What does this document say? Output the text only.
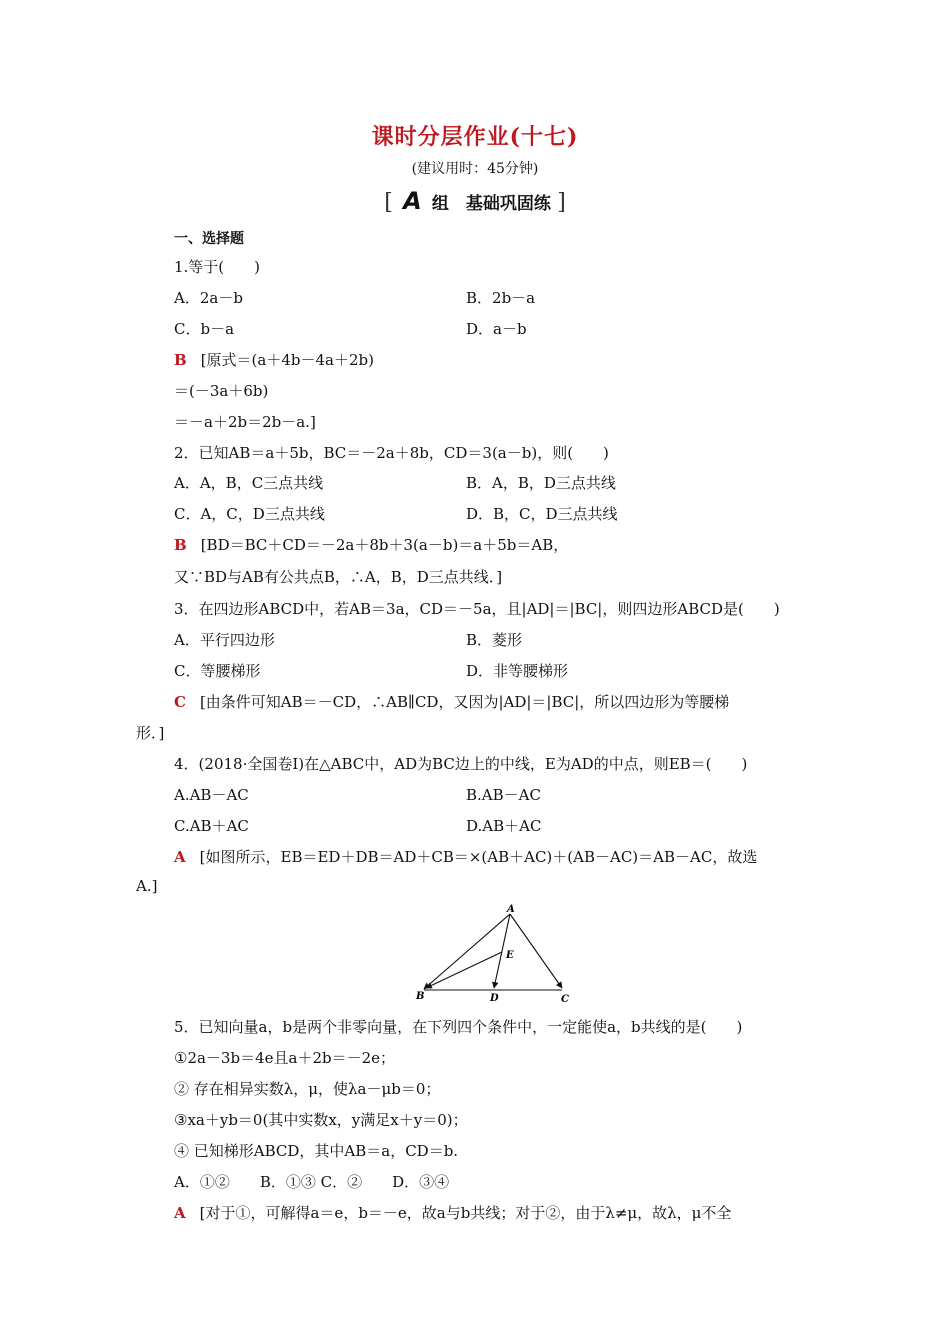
课时分层作业(十七)
(建议用时：45分钟)
[ A 组　基础巩固练 ]
一、选择题
1.等于(　　)
A．2a－b	B．2b－a
C．b－a	D．a－b
B [原式＝(a＋4b－4a＋2b)
＝(－3a＋6b)
＝－a＋2b＝2b－a.]
2．已知AB＝a＋5b，BC＝－2a＋8b，CD＝3(a－b)，则(　　)
A．A，B，C三点共线	B．A，B，D三点共线
C．A，C，D三点共线	D．B，C，D三点共线
B [BD＝BC＋CD＝－2a＋8b＋3(a－b)＝a＋5b＝AB，
又∵BD与AB有公共点B，∴A，B，D三点共线．]
3．在四边形ABCD中，若AB＝3a，CD＝－5a，且|AD|＝|BC|，则四边形ABCD是(　　)
A．平行四边形	B．菱形
C．等腰梯形	D．非等腰梯形
C [由条件可知AB＝－CD，∴AB∥CD，又因为|AD|＝|BC|，所以四边形为等腰梯
形．]
4．(2018·全国卷Ⅰ)在△ABC中，AD为BC边上的中线，E为AD的中点，则EB＝(　　)
A.AB－AC	B.AB－AC
C.AB＋AC	D.AB＋AC
A [如图所示，EB＝ED＋DB＝AD＋CB＝×(AB＋AC)＋(AB－AC)＝AB－AC，故选
A.]
A
B	C
D
E
5．已知向量a，b是两个非零向量，在下列四个条件中，一定能使a，b共线的是(　　)
①2a－3b＝4e且a＋2b＝－2e；
② 存在相异实数λ，μ，使λa－μb＝0；
③xa＋yb＝0(其中实数x，y满足x＋y＝0)；
④ 已知梯形ABCD，其中AB＝a，CD＝b.
A．①②　　B．①③ C．②　　D．③④
A [对于①，可解得a＝e，b＝－e，故a与b共线；对于②，由于λ≠μ，故λ，μ不全
